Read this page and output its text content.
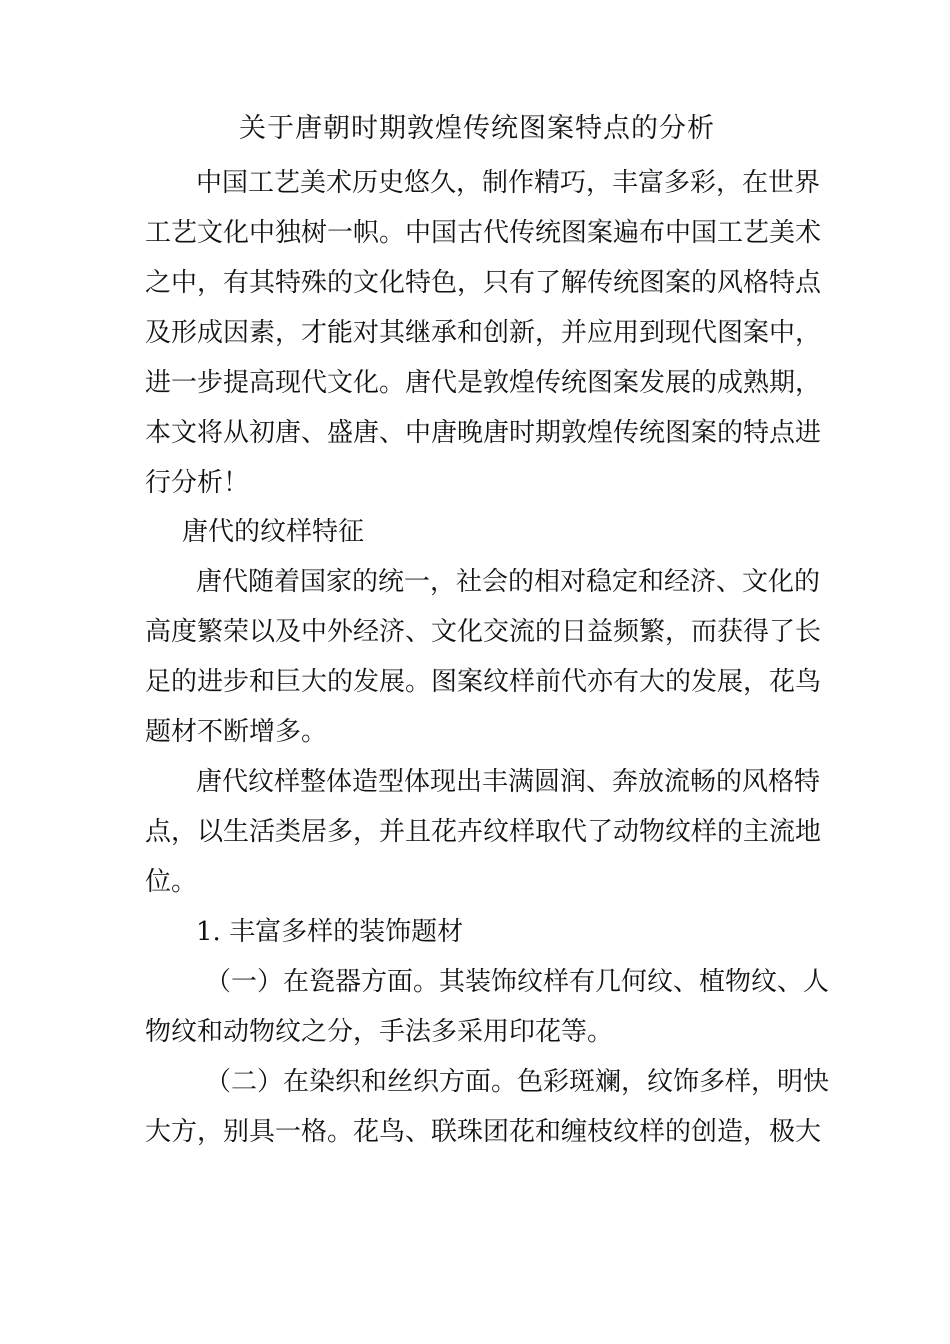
关于唐朝时期敦煌传统图案特点的分析

中国工艺美术历史悠久，制作精巧，丰富多彩，在世界

工艺文化中独树一帜。中国古代传统图案遍布中国工艺美术

之中，有其特殊的文化特色，只有了解传统图案的风格特点

及形成因素，才能对其继承和创新，并应用到现代图案中，

进一步提高现代文化。唐代是敦煌传统图案发展的成熟期，

本文将从初唐、盛唐、中唐晚唐时期敦煌传统图案的特点进

行分析！

唐代的纹样特征

唐代随着国家的统一，社会的相对稳定和经济、文化的

高度繁荣以及中外经济、文化交流的日益频繁，而获得了长

足的进步和巨大的发展。图案纹样前代亦有大的发展，花鸟

题材不断增多。

唐代纹样整体造型体现出丰满圆润、奔放流畅的风格特

点，以生活类居多，并且花卉纹样取代了动物纹样的主流地

位。

1. 丰富多样的装饰题材

（一）在瓷器方面。其装饰纹样有几何纹、植物纹、人

物纹和动物纹之分，手法多采用印花等。

（二）在染织和丝织方面。色彩斑斓，纹饰多样，明快

大方，别具一格。花鸟、联珠团花和缠枝纹样的创造，极大
